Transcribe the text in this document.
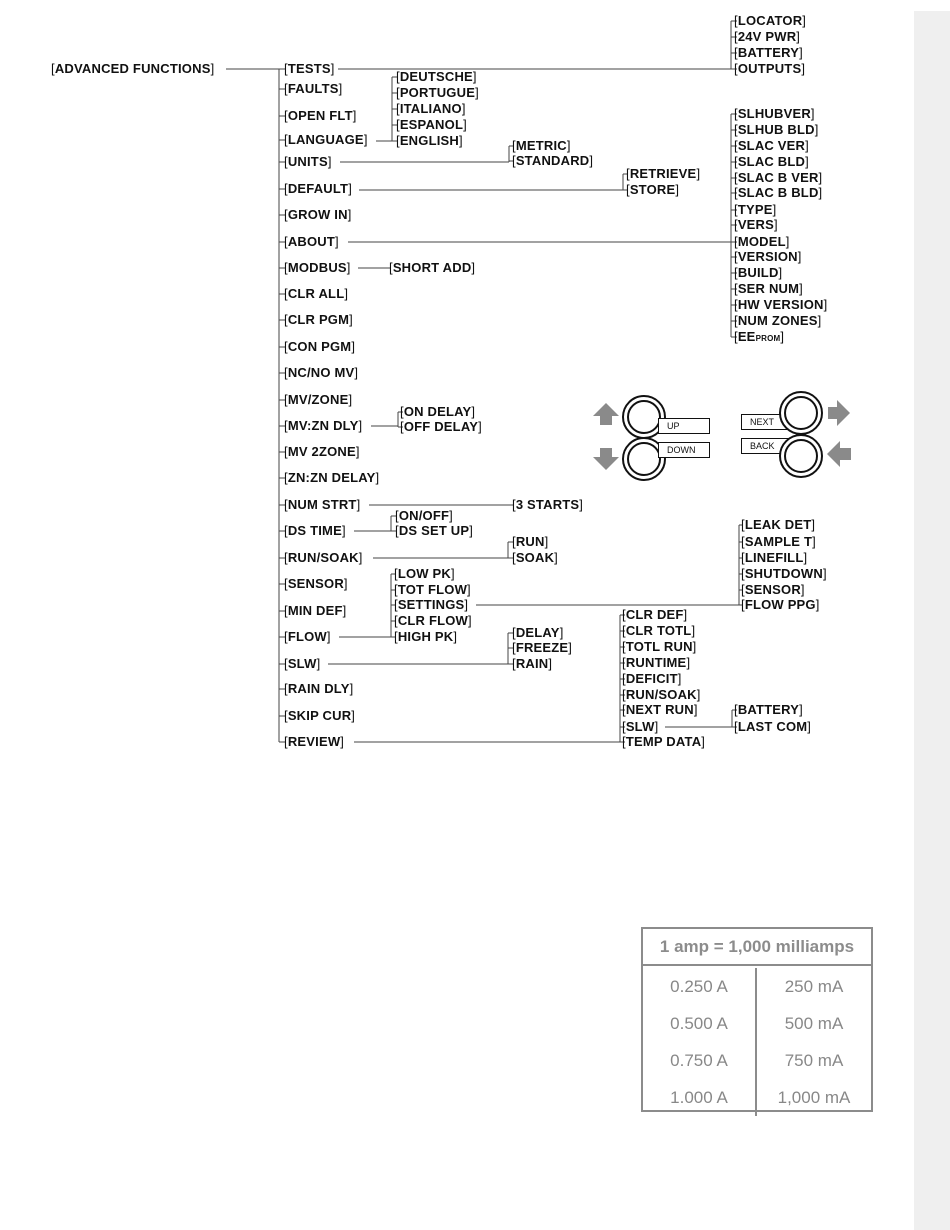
[ ADVANCED FUNCTIONS ]
[ LOCATOR ]
[ 24V PWR ]
[ BATTERY ]
[ OUTPUTS ]
[ TESTS ]
[ FAULTS ]
[ OPEN FLT ]
[ LANGUAGE ]
[ UNITS ]
[ DEFAULT ]
[ GROW IN ]
[ ABOUT ]
[ MODBUS ]
[ CLR ALL ]
[ CLR PGM ]
[ CON PGM ]
[ NC/NO MV ]
[ MV/ZONE ]
[ MV:ZN DLY ]
[ MV 2ZONE ]
[ ZN:ZN DELAY ]
[ NUM STRT ]
[ DS TIME ]
[ RUN/SOAK ]
[ SENSOR ]
[ MIN DEF ]
[ FLOW ]
[ SLW ]
[ RAIN DLY ]
[ SKIP CUR ]
[ REVIEW ]
[ DEUTSCHE ]
[ PORTUGUE ]
[ ITALIANO ]
[ ESPANOL ]
[ ENGLISH ]
[	METRIC ]
[ STANDARD ]
[ RETRIEVE ]
[ STORE ]
[ SLHUBVER ]
[ SLHUB BLD ]
[ SLAC VER ]
[ SLAC BLD ]
[ SLAC B VER ]
[ SLAC B BLD ]
[ TYPE ]
[ VERS ]
[ MODEL ]
[ VERSION ]
[ BUILD ]
[ SER NUM ]
[ HW VERSION ]
[ NUM ZONES ]
[ EEPROM ]
[ SHORT ADD ]
[ ON DELAY ]
[ OFF DELAY ]
[ 3 STARTS ]
[ ON/OFF ]
[ DS SET UP ]
[ RUN ]
[ SOAK ]
[ LOW PK ]
[ TOT FLOW ]
[ SETTINGS ]
[ CLR FLOW ]
[ HIGH PK ]
[ LEAK DET ]
[ SAMPLE T ]
[ LINEFILL ]
[ SHUTDOWN ]
[ SENSOR ]
[ FLOW PPG ]
[ DELAY ]
[ FREEZE ]
[ RAIN ]
[ CLR DEF ]
[ CLR TOTL ]
[ TOTL RUN ]
[ RUNTIME ]
[ DEFICIT ]
[ RUN/SOAK ]
[ NEXT RUN ]
[ SLW ]
[ TEMP DATA ]
[ BATTERY ]
[ LAST COM ]
UP
DOWN
NEXT
BACK
1 amp = 1,000 milliamps
0.250 A	250 mA
0.500 A	500 mA
0.750 A	750 mA
1.000 A	1,000 mA
